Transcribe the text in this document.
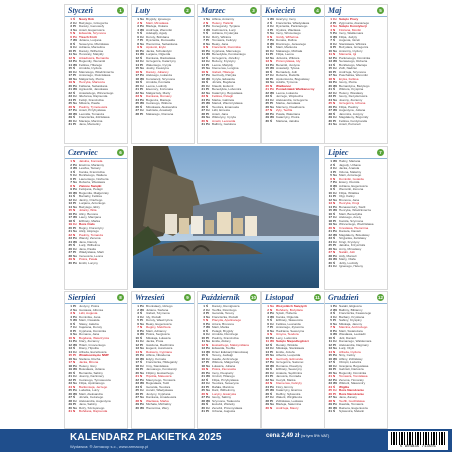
Styczeń	1
1 Ś	Nowy Rok
2 Cz Bazylego, Grzegorza
3 Pt Danuty, Genowefy
4 So Anieli, Eugeniusza
5 N	Edwarda, Szymona
6 Pn Trzech Króli
7 Wt Juliana, Lucjana
8 Ś	Seweryna, Mścisława
9 Cz Adriana, Marcelina
10 Pt Danuty, Wilhelma
11 So Honoraty, Matyldy
12 N	Arkadiusza, Bernarda
13 Pn Bogumiły, Weroniki
14 Wt Feliksa, Hilarego
15 Ś	Arnolda, Izydora
16 Cz Marcelego, Włodzimierza
17 Pt Antoniego, Rościsława
18 So Małgorzaty, Piotra
19 N	Henryka, Mariusza
20 Pn Fabiana, Sebastiana
21 Wt Agnieszki, Jarosława
22 Ś	Anastazego, Wincentego
23 Cz Ildefonsa, Rajmunda
24 Pt Felicji, Franciszka
25 So Miłosza, Pawła
26 N	Pauliny, Tymoteusza
27 Pn Anieli, Przybysława
28 Wt Leonida, Tomasza
29 Ś	Franciszka, Zdzisława
30 Cz Macieja, Marcina
31 Pt Jana, Marceliny
Luty	2
1 So Brygidy, Ignacego
2 N	Marii, Mirosława
3 Pn Błażeja, Oskara
4 Wt Andrzeja, Weroniki
5 Ś	Adelajdy, Agaty
6 Cz Doroty, Bohdana
7 Pt Ryszarda, Romualda
8 So Hieronima, Sebastiana
9 N	Apolonii, Eryki
10 Pn Jacka, Scholastyki
11 Wt Lucjana, Olgierda
12 Ś	Damiana, Radosława
13 Cz Grzegorza, Katarzyny
14 Pt Walentego, Cyryla
15 So Jowity, Faustyna
16 N	Danuty, Julianny
17 Pn Aleksego, Łukasza
18 Wt Konstancji, Szymona
19 Ś	Arnolda, Konrada
20 Cz Leona, Ludmiły
21 Pt Eleonory, Fortunata
22 So Małgorzaty, Marty
23 N	Damiana, Romany
24 Pn Bogusza, Macieja
25 Wt Cezarego, Wiktora
26 Ś	Mirosława, Aleksandra
27 Cz Gabriela, Anastazji
28 Pt Makarego, Romana
Marzec	3
1 So Albina, Antoniny
2 N	Heleny, Halszki
3 Pn Kunegundy, Tycjana
4 Wt Kazimierza, Łucji
5 Ś	Adriana, Fryderyka
6 Cz Róży, Wiktora
7 Pt Tomasza, Felicyty
8 So Beaty, Jana
9 N	Franciszki, Dominika
10 Pn Cypriana, Marcelego
11 Wt Benedykta, Konstantego
12 Ś	Grzegorza, Józefiny
13 Cz Bożeny, Krystyny
14 Pt Leona, Matyldy
15 So Klemensa, Longina
16 N	Izabeli, Hilarego
17 Pn Gertrudy, Patryka
18 Wt Cyryla, Edwarda
19 Ś	Józefa, Bogdana
20 Cz Klaudii, Eufemii
21 Pt Benedykta, Lubomira
22 So Katarzyny, Bogusława
23 N	Feliksa, Pelagii
24 Pn Marka, Gabriela
25 Wt Marioli, Wieńczysława
26 Ś	Teodora, Emanuela
27 Cz Lidii, Ernesta
28 Pt Anieli, Jana
29 So Wiktoryny, Cyryla
30 N	Amelii, Leonarda
31 Pn Balbiny, Gwidona
Kwiecień	4
1 Wt Grażyny, Ireny
2 Ś	Franciszka, Władysława
3 Cz Ryszarda, Pankracego
4 Pt Izydora, Wacława
5 So Ireny, Wincentego
6 N	Izoldy, Wilhelma
7 Pn Donata, Rufina
8 Wt Dionizego, Januarego
9 Ś	Marii, Mariusza
10 Cz Makarego, Michała
11 Pt Filipa, Leona
12 So Juliusza, Wiktora
13 N	Przemysława, Idy
14 Pn Bereniki, Justyna
15 Wt Anastazji, Tytusa
16 Ś	Bernadety, Julii
17 Cz Roberta, Rudolfa
18 Pt Apoloniusza, Bogusławy
19 So Adolfa, Tymona
20 N	Wielkanoc
21 Pn Poniedziałek Wielkanocny
22 Wt Leona, Łukasza
23 Ś	Jerzego, Wojciecha
24 Cz Aleksandra, Grzegorza
25 Pt Marka, Jarosława
26 So Marzeny, Klaudiusza
27 N	Zyty, Teofila
28 Pn Pawła, Waleriana
29 Wt Katarzyny, Piotra
30 Ś	Mariana, Jakuba
Maj	5
1 Cz Święto Pracy
2 Pt Zygmunta, Atanazego
3 So Święto Konstytucji
4 N	Floriana, Moniki
5 Pn Ireny, Waldemara
6 Wt Filipa, Judyty
7 Ś	Augusta, Gizeli
8 Cz Stanisława, Wiktora
9 Pt Bożydara, Grzegorza
10 So Antoniny, Izydory
11 N	Mamerta, Igi
12 Pn Pankracego, Dominika
13 Wt Serwacego, Roberta
14 Ś	Bonifacego, Macieja
15 Cz Zofii, Nadziei
16 Pt Andrzeja, Szymona
17 So Paschalisa, Weroniki
18 N	Eryka, Feliksa
19 Pn Iwony, Piotra
20 Wt Bernardyna, Bazylego
21 Ś	Wiktora, Kryspina
22 Cz Heleny, Wiesławy
23 Pt Iwony, Dezyderiusza
24 So Joanny, Zuzanny
25 N	Grzegorza, Urbana
26 Pn Filipa, Pauliny
27 Wt Augustyna, Juliana
28 Ś	Jaromira, Justyny
29 Cz Magdaleny, Bogumiły
30 Pt Feliksa, Ferdynanda
31 So Anieli, Petroneli
Czerwiec	6
1 N	Jakuba, Konrada
2 Pn Erazma, Marianny
3 Wt Leszka, Tamary
4 Ś	Karola, Franciszka
5 Cz Bonifacego, Waltera
6 Pt Laurentego, Norberta
7 So Roberta, Wiesława
8 N	Zielone Świątki
9 Pn Felicjana, Pelagii
10 Wt Bogumiła, Małgorzaty
11 Ś	Barnaby, Feliksa
12 Cz Janiny, Onufrego
13 Pt Lucjana, Antoniego
14 So Bazylego, Elizy
15 N	Jolanty, Wita
16 Pn Aliny, Benona
17 Wt Laury, Marcjana
18 Ś	Elżbiety, Marka
19 Cz Boże Ciało
20 Pt Bogny, Florentyny
21 So Alicji, Alojzego
22 N	Pauliny, Tomasza
23 Pn Wandy, Zenona
24 Wt Jana, Danuty
25 Ś	Łucji, Wilhelma
26 Cz Jana, Pawła
27 Pt Władysława, Marii
28 So Ireneusza, Leona
29 N	Piotra, Pawła
30 Pn Emilii, Lucyny
Lipiec	7
1 Wt Haliny, Mariana
2 Ś	Jagody, Urbana
3 Cz Jacka, Anatola
4 Pt Odona, Malwiny
5 So Marii, Antoniego
6 N	Dominiki, Gotarda
7 Pn Estery, Kłomila
8 Wt Adriana, Eugeniusza
9 Ś	Weroniki, Zenona
10 Cz Filipa, Witalisa
11 Pt Olgi, Kaliny
12 So Brunona, Jana
13 N	Henryka, Kingi
14 Pn Bonawentury, Stelli
15 Wt Henryka, Włodzimierza
16 Ś	Marii, Benedykta
17 Cz Aleksego, Anety
18 Pt Kamila, Szymona
19 So Wincentego, Wodzisława
20 N	Czesława, Hieronima
21 Pn Daniela, Danieli
22 Wt Magdaleny, Bolesławy
23 Ś	Stryjanka, Żelisławy
24 Cz Kingi, Krystyny
25 Pt Jakuba, Krzysztofa
26 So Anny, Mirosławy
27 N	Natalii, Julii
28 Pn Aidy, Marceli
29 Wt Marty, Olafa
30 Ś	Julity, Ludmiły
31 Cz Ignacego, Heleny
Sierpień	8
1 Pt Justyny, Piotra
2 So Gustawa, Alfonsa
3 N	Lidii, Augusta
4 Pn Dominika, Jana
5 Wt Marii, Oswalda
6 Ś	Sławy, Jakuba
7 Cz Kajetana, Doroty
8 Pt Cypriana, Dominika
9 So Romana, Jana
10 N	Bogdana, Wawrzyńca
11 Pn Klary, Zuzanny
12 Wt Hilarii, Innocentego
13 Ś	Diany, Hipolita
14 Cz Alfreda, Euzebiusza
15 Pt Wniebowzięcie NMP
16 So Stefana, Rocha
17 N	Jacka, Mirona
18 Pn Heleny, Ilony
19 Wt Bolesława, Juliana
20 Ś	Bernarda, Sabiny
21 Cz Joanny, Kazimiery
22 Pt Cezarego, Tymoteusza
23 So Filipa, Apolinarego
24 N	Bartłomieja, Jerzego
25 Pn Ludwika, Luizy
26 Wt Marii, Aleksandra
27 Ś	Józefa, Cezarego
28 Cz Aleksandra, Augustyna
29 Pt Jana, Sabiny
30 So Róży, Szczęsnego
31 N	Bohdana, Rajmunda
Wrzesień	9
1 Pn Bronisławy, Idziego
2 Wt Juliana, Stefana
3 Ś	Izabeli, Szymona
4 Cz Idy, Rozalii
5 Pt Doroty, Wawrzyńca
6 So Beaty, Eugeniusza
7 N	Reginy, Melchiora
8 Pn Marii, Adrianny
9 Wt Piotra, Sergiusza
10 Ś	Mikołaja, Łukasza
11 Cz Jacka, Prota
12 Pt Gwidona, Radzimira
13 So Eugenii, Aureliusza
14 N	Roksany, Cypriana
15 Pn Albina, Nikodema
16 Wt Edyty, Kornela
17 Ś	Franciszka, Hildegardy
18 Cz Irmy, Stanisława
19 Pt Januarego, Konstancji
20 So Filipiny, Eustachego
21 N	Hipolita, Mateusza
22 Pn Maurycego, Tomasza
23 Wt Bogusława, Tekli
24 Ś	Gerarda, Teodora
25 Cz Aurelii, Władysława
26 Pt Justyny, Cypriana
27 So Damiana, Amadeusza
28 N	Wacława, Marka
29 Pn Michała, Michaliny
30 Wt Hieronima, Wery
Październik	10
1 Ś	Danuty, Remigiusza
2 Cz Teofila, Dionizego
3 Pt Gerarda, Teresy
4 So Franciszka, Rozalii
5 N	Placyda, Apolinarego
6 Pn Artura, Brunona
7 Wt Marii, Marka
8 Ś	Pelagii, Brygidy
9 Cz Arnolda, Dionizego
10 Pt Pauliny, Franciszka
11 So Emila, Aldony
12 N	Eustachego, Maksymiliana
13 Pn Edwarda, Teofila
14 Wt Dzień Edukacji Narodowej
15 Ś	Teresy, Jadwigi
16 Cz Gawła, Ambrożego
17 Pt Wiktora, Małgorzaty
18 So Łukasza, Juliana
19 N	Piotra, Ziemowita
20 Pn Ireny, Kleopatry
21 Wt Urszuli, Hilarego
22 Ś	Filipa, Przybysława
23 Cz Teodora, Seweryna
24 Pt Rafała, Marcina
25 So Darii, Wilhelminy
26 N	Lucyny, Ewarysta
27 Pn Iwony, Sabiny
28 Wt Szymona, Tadeusza
29 Ś	Euzebii, Wioletty
30 Cz Zenobii, Przemysława
31 Pt Urbana, Augusta
Listopad	11
1 So Wszystkich Świętych
2 N	Bohdany, Bożydara
3 Pn Sylwii, Huberta
4 Wt Karola, Olgierda
5 Ś	Elżbiety, Sławomira
6 Cz Feliksa, Leonarda
7 Pt Antoniego, Żytomira
8 So Hadriana, Seweryna
9 N	Ursyna, Teodora
10 Pn Leny, Ludomira
11 Wt Święto Niepodległości
12 Ś	Renaty, Witolda
13 Cz Mikołaja, Stanisława
14 Pt Emila, Józefa
15 So Alberta, Leopolda
16 N	Gertrudy, Edmunda
17 Pn Grzegorza, Salomei
18 Wt Romana, Klaudyny
19 Ś	Elżbiety, Seweryny
20 Cz Anatola, Sędzimira
21 Pt Janusza, Konrada
22 So Cecylii, Marka
23 N	Klemensa, Felicyty
24 Pn Flory, Emmy
25 Wt Katarzyny, Erazma
26 Ś	Delfiny, Sylwestra
27 Cz Walerii, Wirgiliusza
28 Pt Zdzisława, Lesława
29 So Błażeja, Saturnina
30 N	Andrzeja, Maury
Grudzień	12
1 Pn Natalii, Eligiusza
2 Wt Balbiny, Bibianny
3 Ś	Franciszka, Ksawerego
4 Cz Barbary, Krystiana
5 Pt Sabiny, Kryspiny
6 So Mikołaja, Jaremy
7 N	Marcina, Ambrożego
8 Pn Marii, Światozara
9 Wt Wiesława, Leokadii
10 Ś	Julii, Danieli
11 Cz Damazego, Waldemara
12 Pt Aleksandra, Dagmary
13 So Łucji, Otylii
14 N	Alfreda, Izydora
15 Pn Niny, Celiny
16 Wt Albiny, Zdzisławy
17 Ś	Olimpii, Łazarza
18 Cz Gracjana, Bogusława
19 Pt Gabrieli, Dariusza
20 So Bogumiły, Dominika
21 N	Tomasza, Tomisława
22 Pn Zenona, Honoraty
23 Wt Wiktorii, Sławomiry
24 Ś	Wigilia
25 Cz Boże Narodzenie
26 Pt Boże Narodzenie
27 So Jana, Żanety
28 N	Teofili, Godzisława
29 Pn Dawida, Tomasza
30 Wt Rainera, Eugeniusza
31 Ś	Sylwestra, Melanii
KALENDARZ PLAKIETKA 2025
Wydawca: ® Armacop s.c., www.armacop.pl
cena 2,49 zł (w tym 5% VAT)
5 904835 713501
